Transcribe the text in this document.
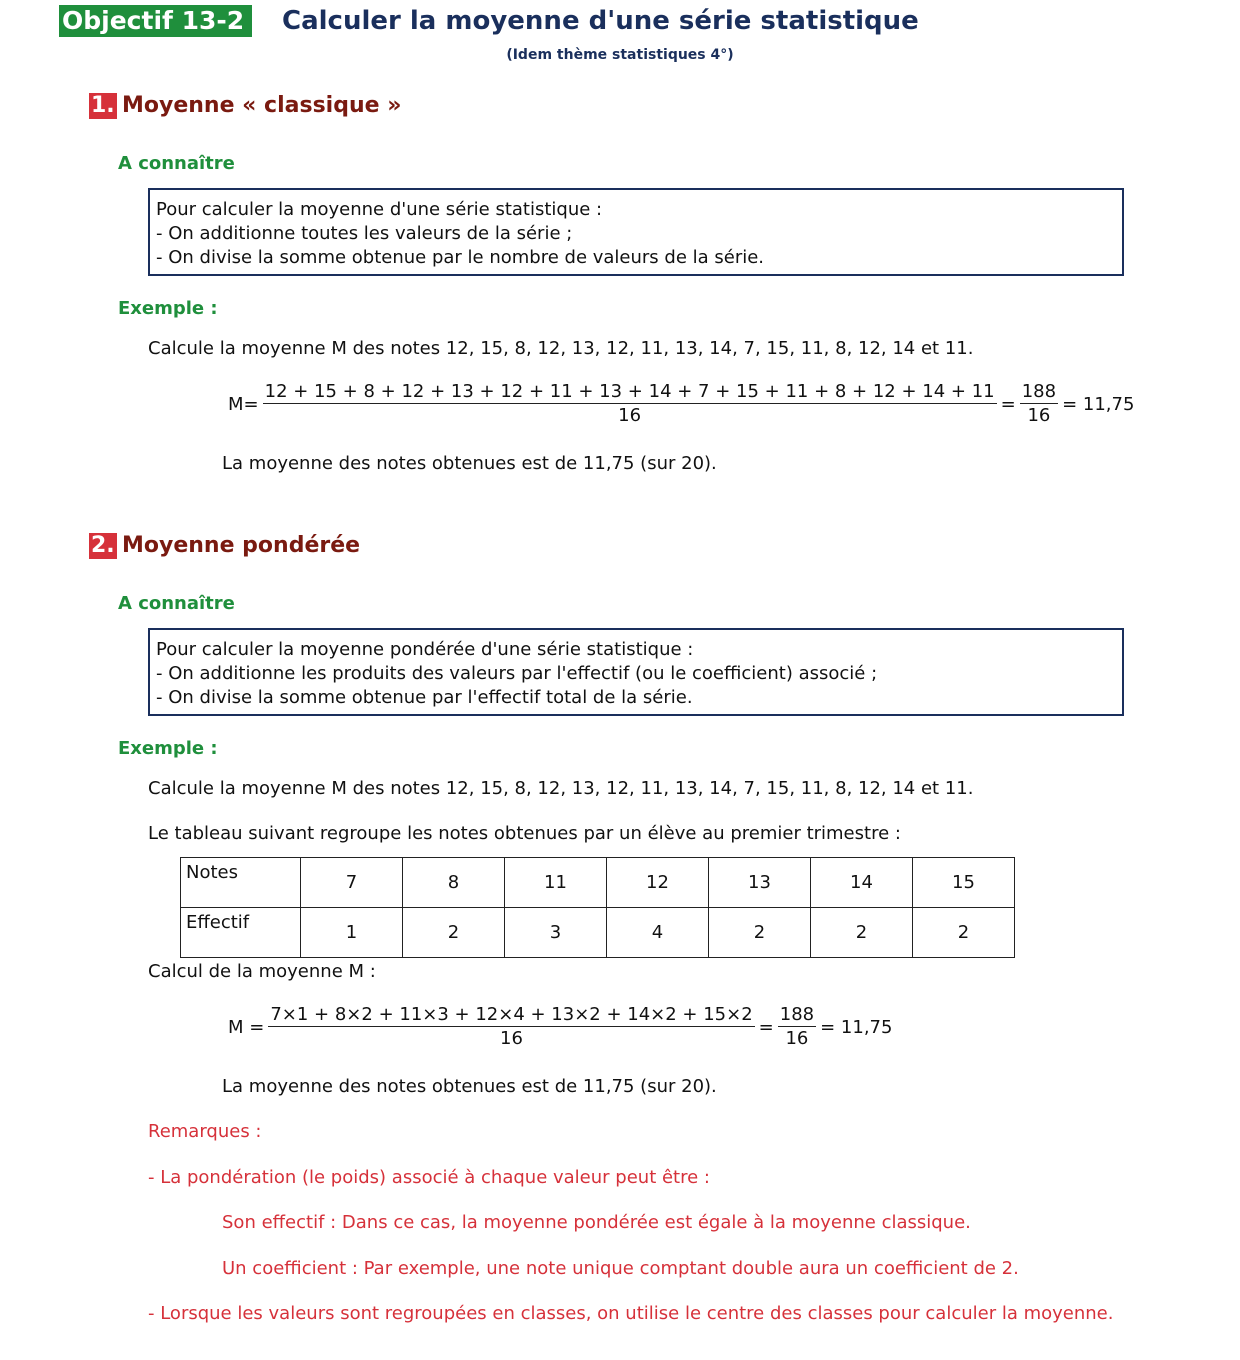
Objectif 13-2	Calculer la moyenne d'une série statistique
(Idem thème statistiques 4°)
1. Moyenne « classique »
A connaître
Pour calculer la moyenne d'une série statistique :
- On additionne toutes les valeurs de la série ;
- On divise la somme obtenue par le nombre de valeurs de la série.
Exemple :
Calcule la moyenne M des notes 12, 15, 8, 12, 13, 12, 11, 13, 14, 7, 15, 11, 8, 12, 14 et 11.
M=
12 + 15 + 8 + 12 + 13 + 12 + 11 + 13 + 14 + 7 + 15 + 11 + 8 + 12 + 14 + 11
16
= $\frac{188}{16} = 11,75$
La moyenne des notes obtenues est de 11,75 (sur 20).
2. Moyenne pondérée
A connaître
Pour calculer la moyenne pondérée d'une série statistique :
- On additionne les produits des valeurs par l'effectif (ou le coefficient) associé ;
- On divise la somme obtenue par l'effectif total de la série.
Exemple :
Calcule la moyenne M des notes 12, 15, 8, 12, 13, 12, 11, 13, 14, 7, 15, 11, 8, 12, 14 et 11.
Le tableau suivant regroupe les notes obtenues par un élève au premier trimestre :
Notes	7	8	11	12	13	14	15
Effectif	1	2	3	4	2	2	2
Calcul de la moyenne M :
$M = \frac{7\times 1 + 8\times 2 + 11\times 3 + 12\times 4 + 13\times 2 + 14\times 2 + 15\times 2}{16} = \frac{188}{16} = 11,75$
La moyenne des notes obtenues est de 11,75 (sur 20).
Remarques :
- La pondération (le poids) associé à chaque valeur peut être :
Son effectif : Dans ce cas, la moyenne pondérée est égale à la moyenne classique.
Un coefficient : Par exemple, une note unique comptant double aura un coefficient de 2.
- Lorsque les valeurs sont regroupées en classes, on utilise le centre des classes pour calculer la moyenne.
